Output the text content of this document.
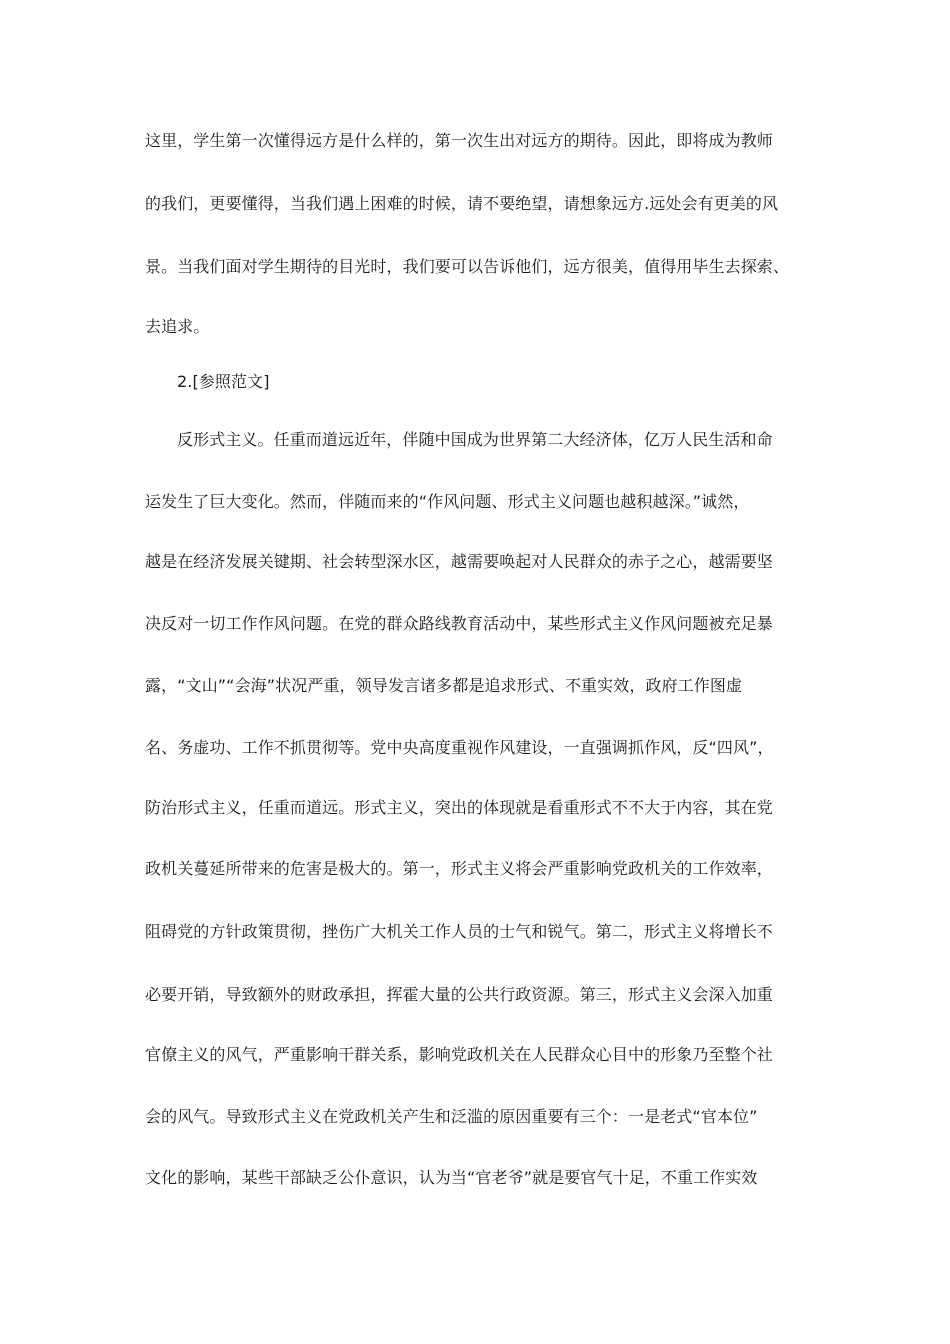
这里，学生第一次懂得远方是什么样的，第一次生出对远方的期待。因此，即将成为教师
的我们，更要懂得，当我们遇上困难的时候，请不要绝望，请想象远方.远处会有更美的风
景。当我们面对学生期待的目光时，我们要可以告诉他们，远方很美，值得用毕生去探索、
去追求。
2.[参照范文]
反形式主义。任重而道远近年，伴随中国成为世界第二大经济体，亿万人民生活和命
运发生了巨大变化。然而，伴随而来的“作风问题、形式主义问题也越积越深。”诚然，
越是在经济发展关键期、社会转型深水区，越需要唤起对人民群众的赤子之心，越需要坚
决反对一切工作作风问题。在党的群众路线教育活动中，某些形式主义作风问题被充足暴
露，“文山”“会海”状况严重，领导发言诸多都是追求形式、不重实效，政府工作图虚
名、务虚功、工作不抓贯彻等。党中央高度重视作风建设，一直强调抓作风，反“四风”，
防治形式主义，任重而道远。形式主义，突出的体现就是看重形式不不大于内容，其在党
政机关蔓延所带来的危害是极大的。第一，形式主义将会严重影响党政机关的工作效率，
阻碍党的方针政策贯彻，挫伤广大机关工作人员的士气和锐气。第二，形式主义将增长不
必要开销，导致额外的财政承担，挥霍大量的公共行政资源。第三，形式主义会深入加重
官僚主义的风气，严重影响干群关系，影响党政机关在人民群众心目中的形象乃至整个社
会的风气。导致形式主义在党政机关产生和泛滥的原因重要有三个：一是老式“官本位”
文化的影响，某些干部缺乏公仆意识，认为当“官老爷”就是要官气十足，不重工作实效
